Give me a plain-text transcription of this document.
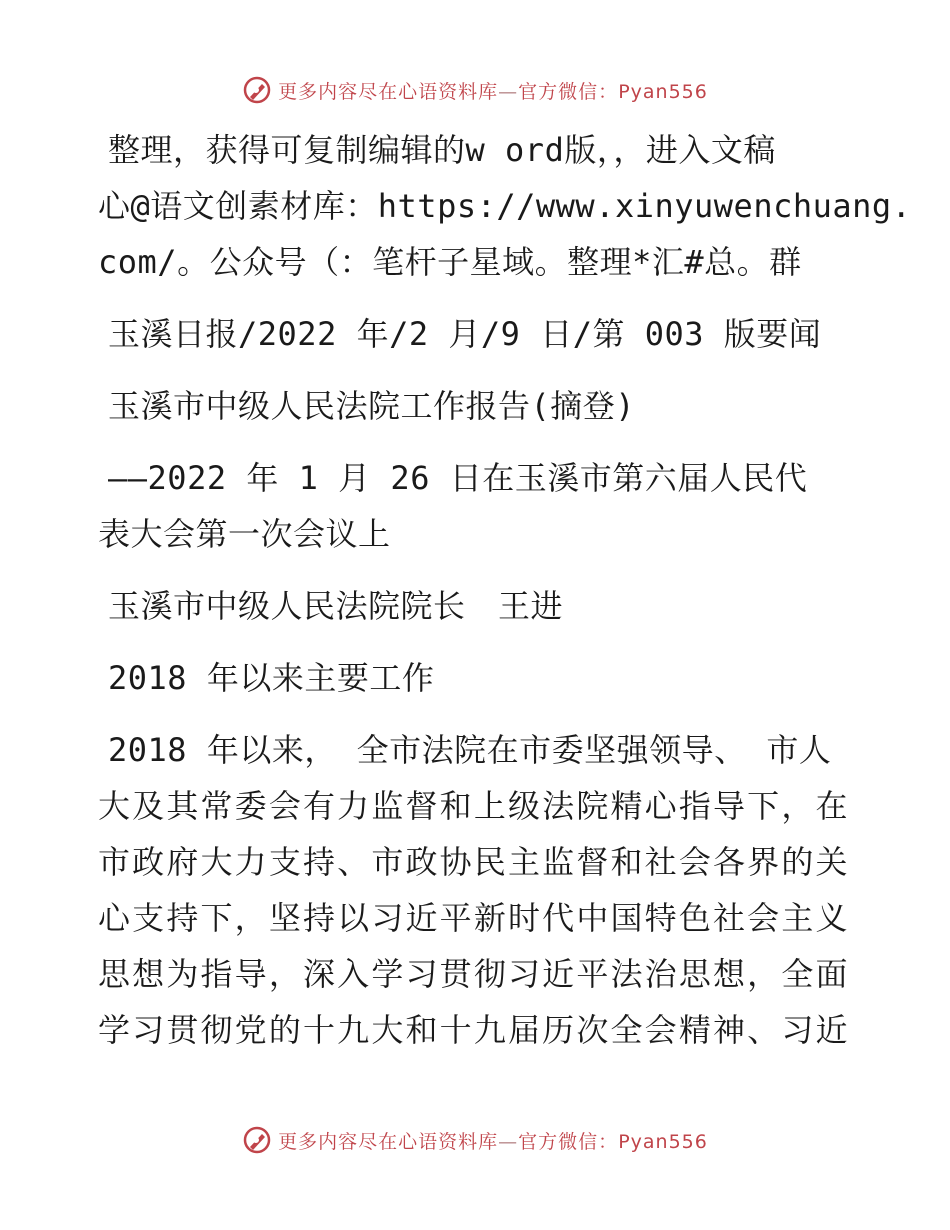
更多内容尽在心语资料库—官方微信：Pyan556
整理，获得可复制编辑的w ord版，，进入文稿
心@语文创素材库：https://www.xinyuwenchuang.
com/。公众号（：笔杆子星域。整理*汇#总。群
玉溪日报/2022 年/2 月/9 日/第 003 版要闻
玉溪市中级人民法院工作报告(摘登)
——2022 年 1 月 26 日在玉溪市第六届人民代
表大会第一次会议上
玉溪市中级人民法院院长　王进
2018 年以来主要工作
2018 年以来， 全市法院在市委坚强领导、 市人
大及其常委会有力监督和上级法院精心指导下，在
市政府大力支持、市政协民主监督和社会各界的关
心支持下，坚持以习近平新时代中国特色社会主义
思想为指导，深入学习贯彻习近平法治思想，全面
学习贯彻党的十九大和十九届历次全会精神、习近
更多内容尽在心语资料库—官方微信：Pyan556
